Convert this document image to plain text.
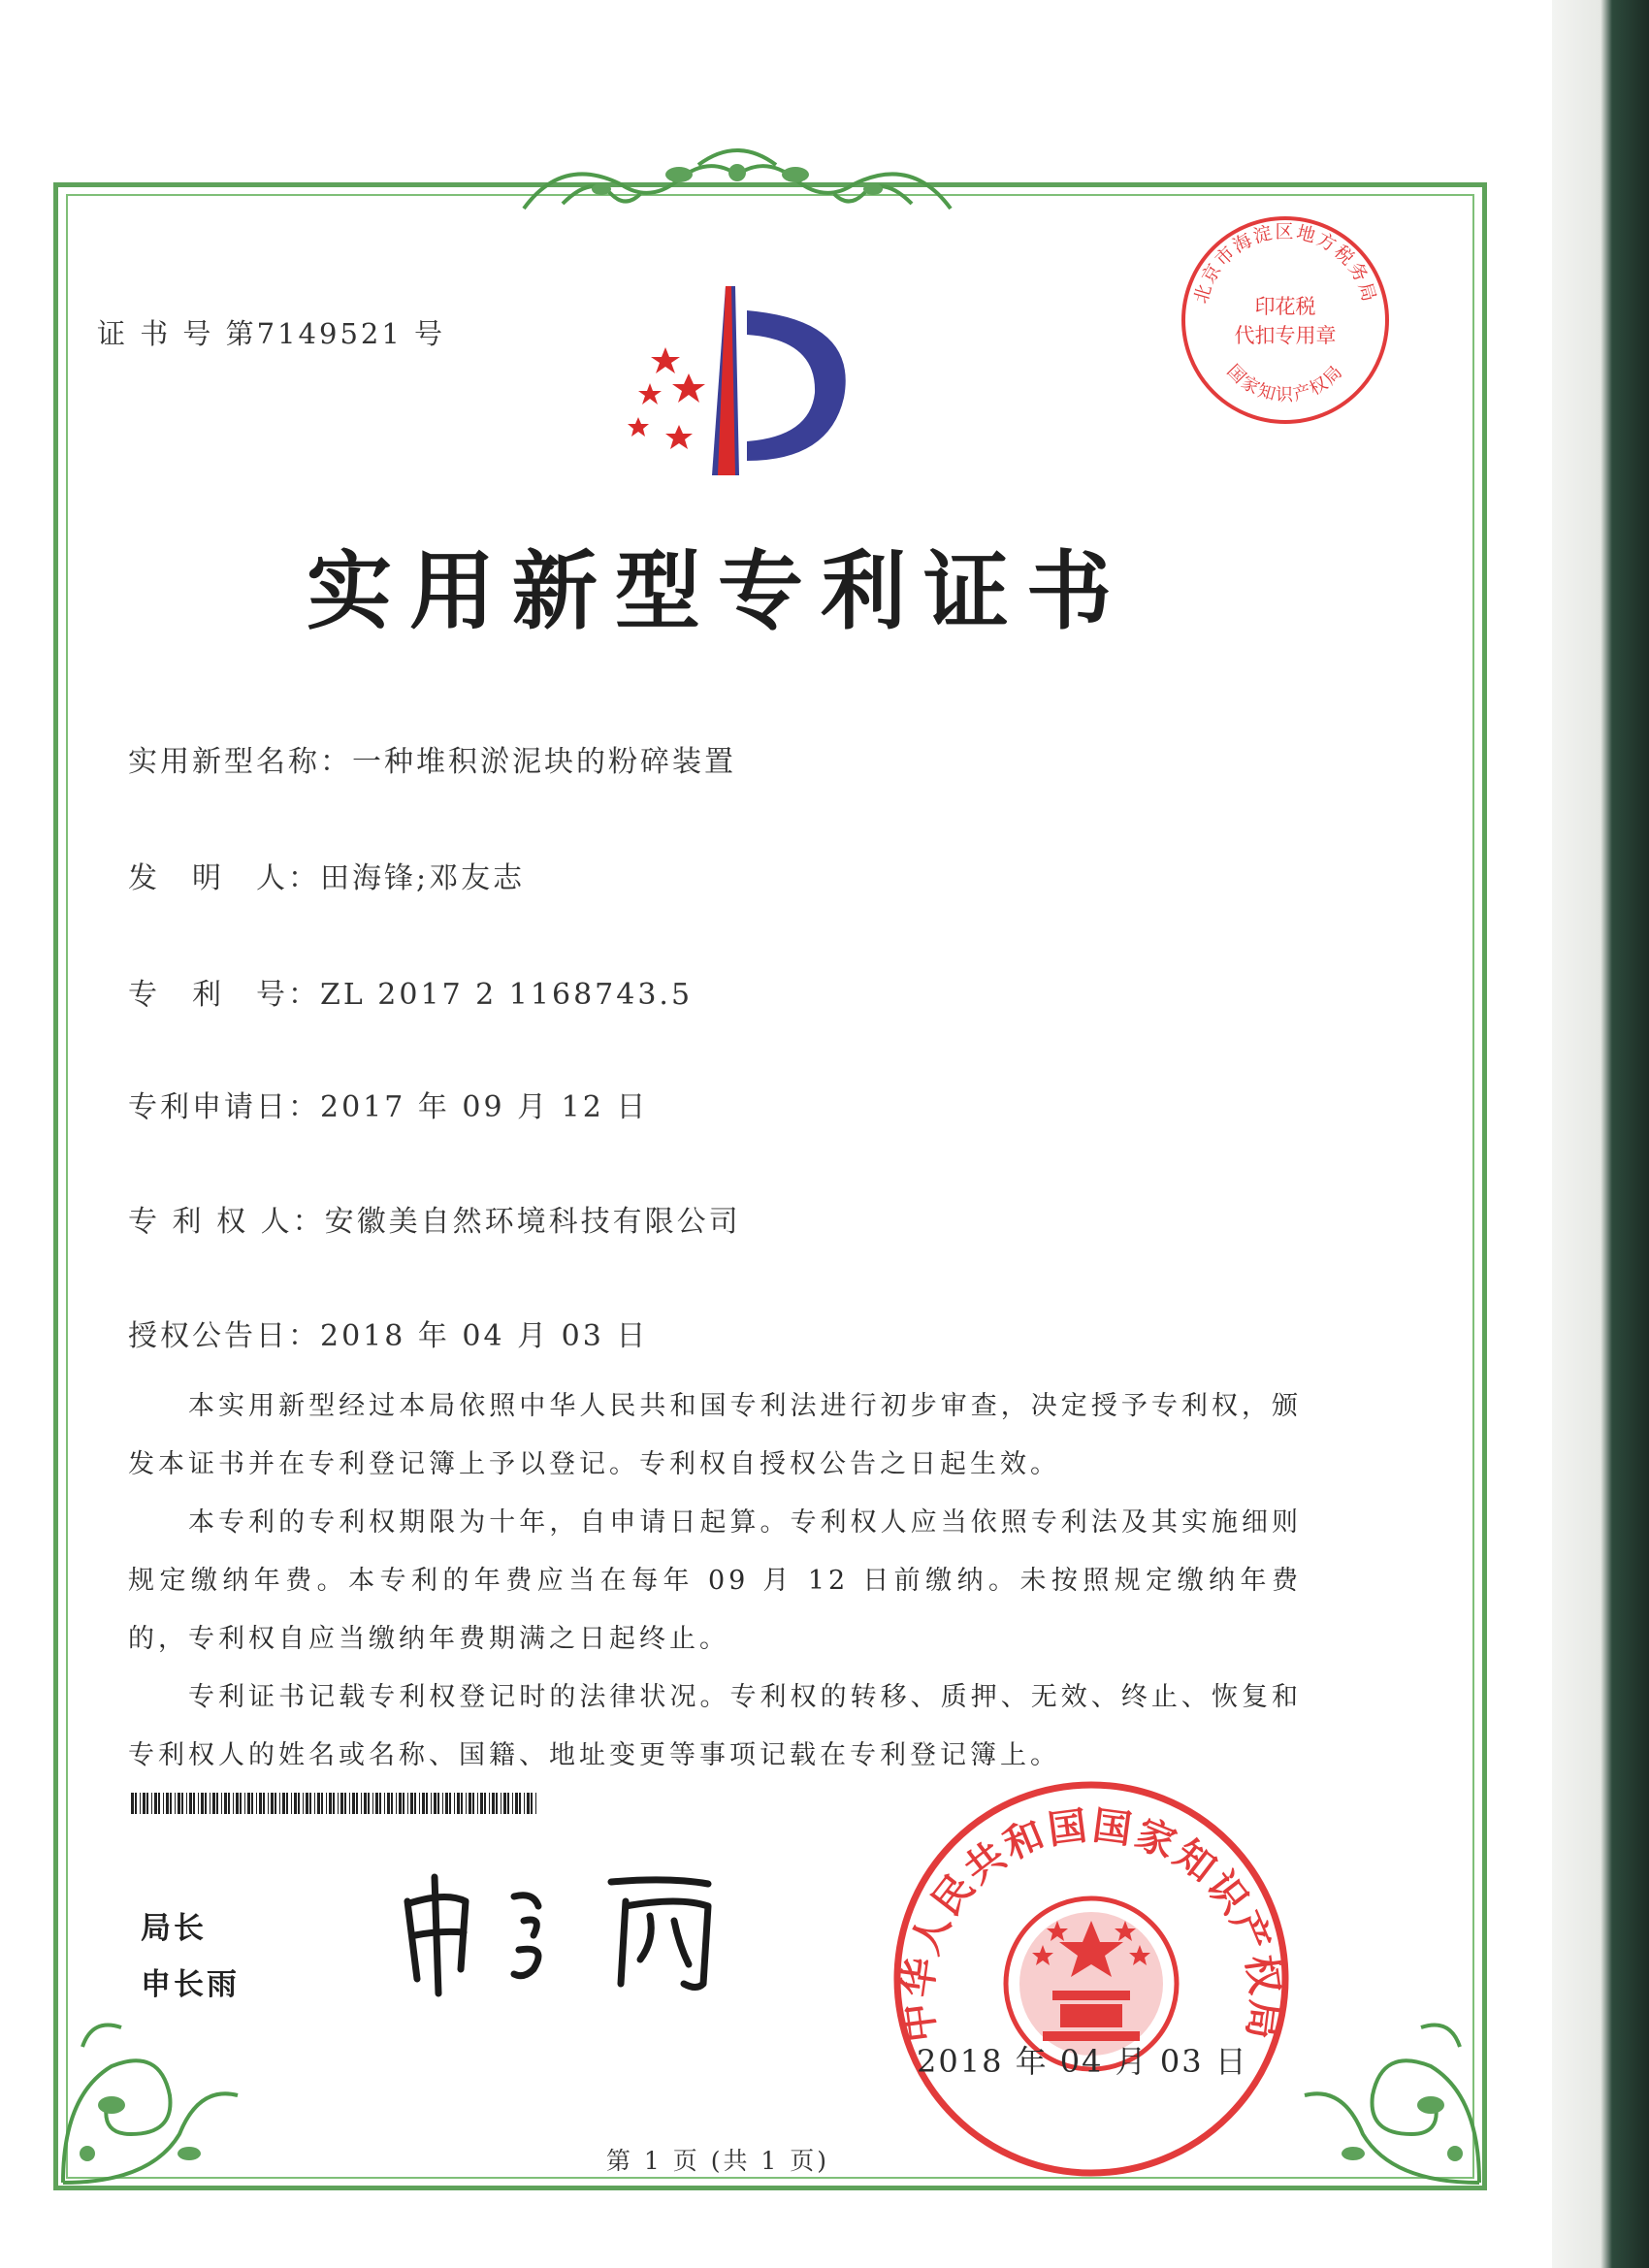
证 书 号 第7149521 号
北京市海淀区地方税务局
印花税
代扣专用章
国家知识产权局
实用新型专利证书
实用新型名称：一种堆积淤泥块的粉碎装置
发　明　人：田海锋;邓友志
专　利　号：ZL 2017 2 1168743.5
专利申请日：2017 年 09 月 12 日
专 利 权 人：安徽美自然环境科技有限公司
授权公告日：2018 年 04 月 03 日
本实用新型经过本局依照中华人民共和国专利法进行初步审查，决定授予专利权，颁发本证书并在专利登记簿上予以登记。专利权自授权公告之日起生效。
本专利的专利权期限为十年，自申请日起算。专利权人应当依照专利法及其实施细则规定缴纳年费。本专利的年费应当在每年 09 月 12 日前缴纳。未按照规定缴纳年费的，专利权自应当缴纳年费期满之日起终止。
专利证书记载专利权登记时的法律状况。专利权的转移、质押、无效、终止、恢复和专利权人的姓名或名称、国籍、地址变更等事项记载在专利登记簿上。
局长
申长雨
中华人民共和国国家知识产权局
2018 年 04 月 03 日
第 1 页 (共 1 页)
